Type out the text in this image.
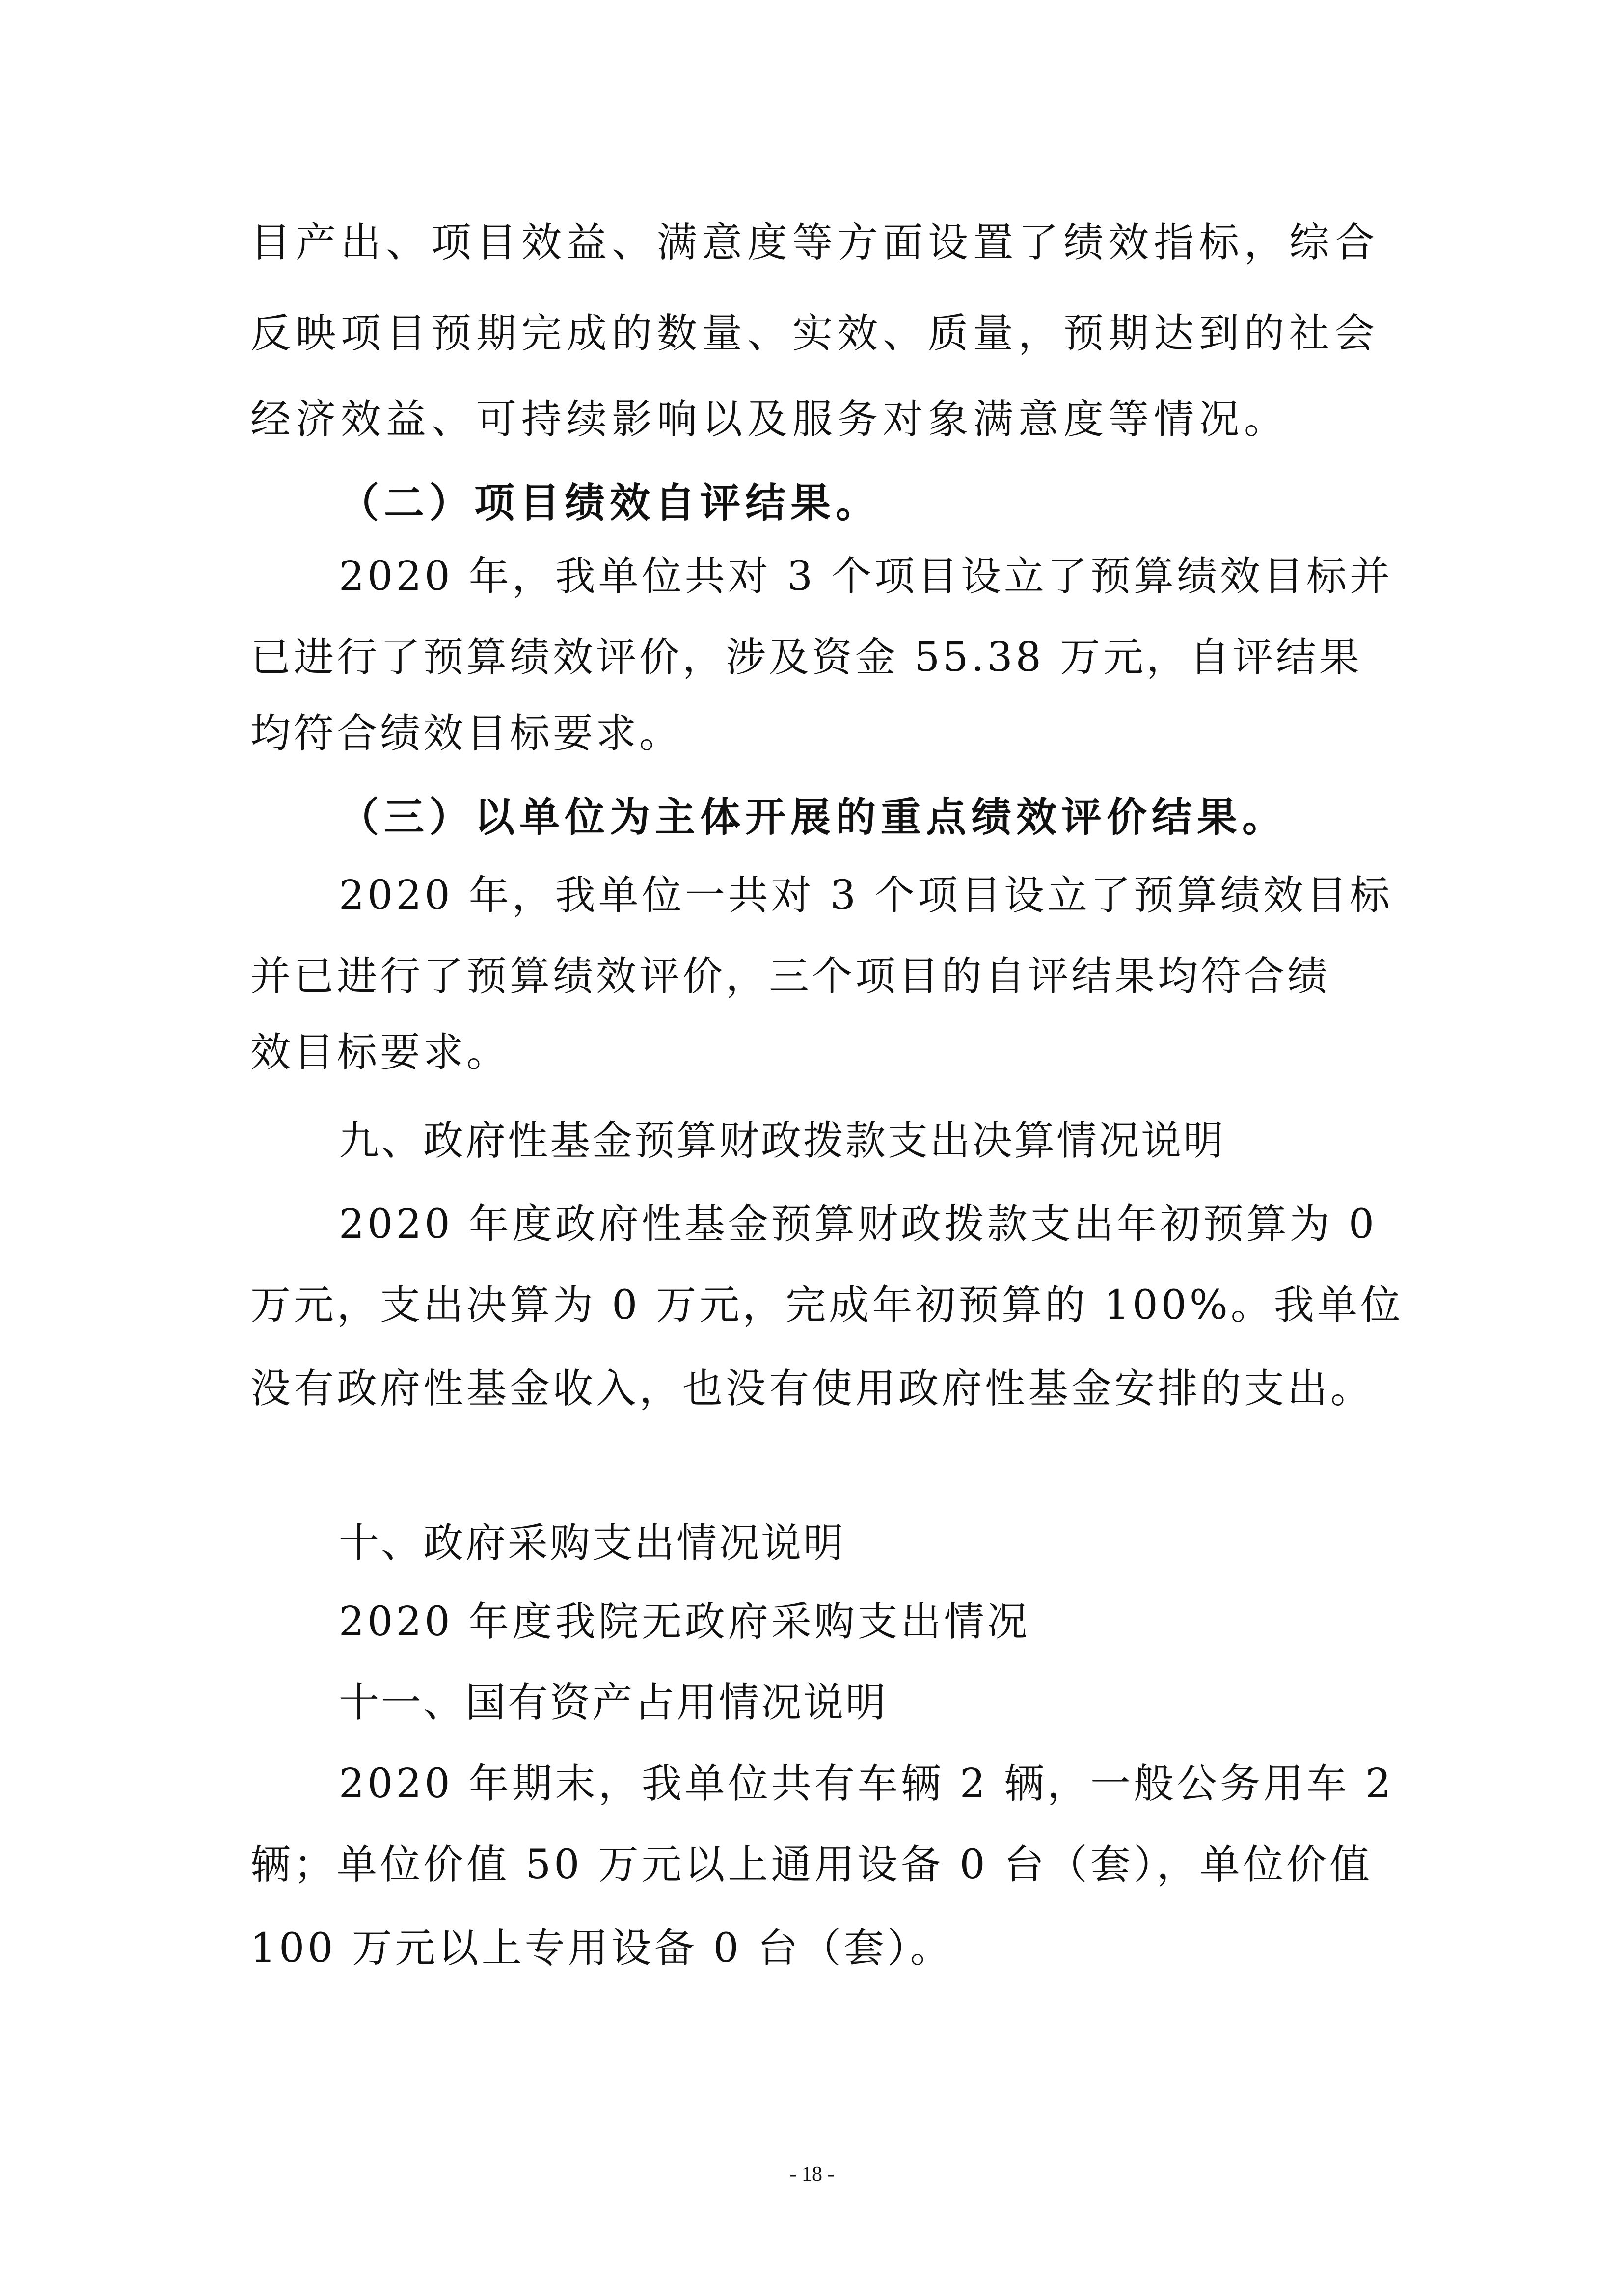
目产出、项目效益、满意度等方面设置了绩效指标，综合
反映项目预期完成的数量、实效、质量，预期达到的社会
经济效益、可持续影响以及服务对象满意度等情况。
（二）项目绩效自评结果。
2020 年，我单位共对 3 个项目设立了预算绩效目标并
已进行了预算绩效评价，涉及资金 55.38 万元，自评结果
均符合绩效目标要求。
（三）以单位为主体开展的重点绩效评价结果。
2020 年，我单位一共对 3 个项目设立了预算绩效目标
并已进行了预算绩效评价，三个项目的自评结果均符合绩
效目标要求。
九、政府性基金预算财政拨款支出决算情况说明
2020 年度政府性基金预算财政拨款支出年初预算为 0
万元，支出决算为 0 万元，完成年初预算的 100%。我单位
没有政府性基金收入，也没有使用政府性基金安排的支出。
十、政府采购支出情况说明
2020 年度我院无政府采购支出情况
十一、国有资产占用情况说明
2020 年期末，我单位共有车辆 2 辆，一般公务用车 2
辆；单位价值 50 万元以上通用设备 0 台（套），单位价值
100 万元以上专用设备 0 台（套）。
- 18 -
